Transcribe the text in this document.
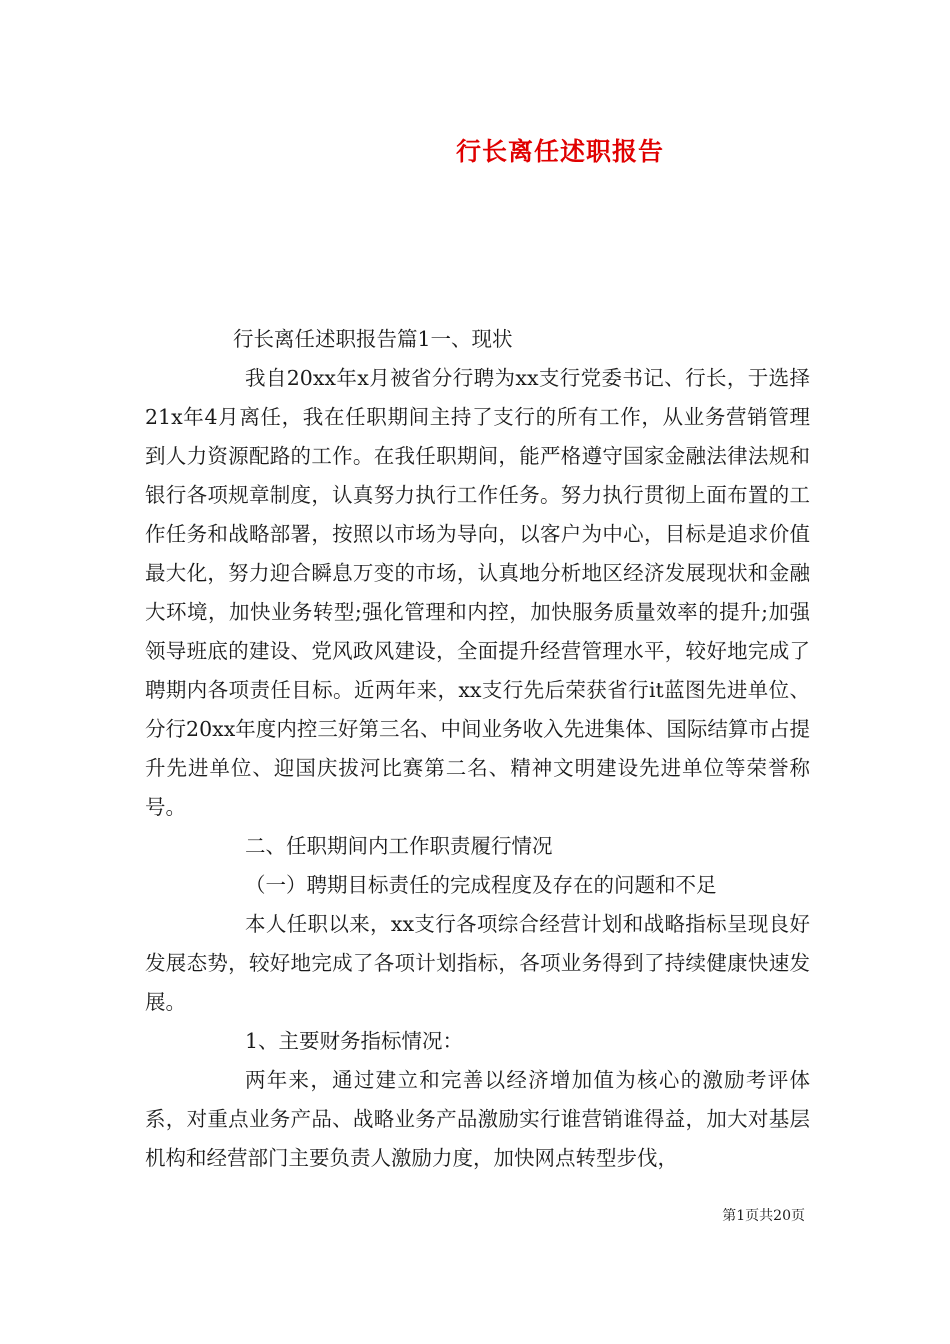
行长离任述职报告

行长离任述职报告篇1一、现状

我自20xx年x月被省分行聘为xx支行党委书记、行长，于选择21x年4月离任，我在任职期间主持了支行的所有工作，从业务营销管理到人力资源配路的工作。在我任职期间，能严格遵守国家金融法律法规和银行各项规章制度，认真努力执行工作任务。努力执行贯彻上面布置的工作任务和战略部署，按照以市场为导向，以客户为中心，目标是追求价值最大化，努力迎合瞬息万变的市场，认真地分析地区经济发展现状和金融大环境，加快业务转型;强化管理和内控，加快服务质量效率的提升;加强领导班底的建设、党风政风建设，全面提升经营管理水平，较好地完成了聘期内各项责任目标。近两年来，xx支行先后荣获省行it蓝图先进单位、分行20xx年度内控三好第三名、中间业务收入先进集体、国际结算市占提升先进单位、迎国庆拔河比赛第二名、精神文明建设先进单位等荣誉称号。

二、任职期间内工作职责履行情况

（一）聘期目标责任的完成程度及存在的问题和不足

本人任职以来，xx支行各项综合经营计划和战略指标呈现良好发展态势，较好地完成了各项计划指标，各项业务得到了持续健康快速发展。

1、主要财务指标情况：

两年来，通过建立和完善以经济增加值为核心的激励考评体系，对重点业务产品、战略业务产品激励实行谁营销谁得益，加大对基层机构和经营部门主要负责人激励力度，加快网点转型步伐，

第1页共20页
